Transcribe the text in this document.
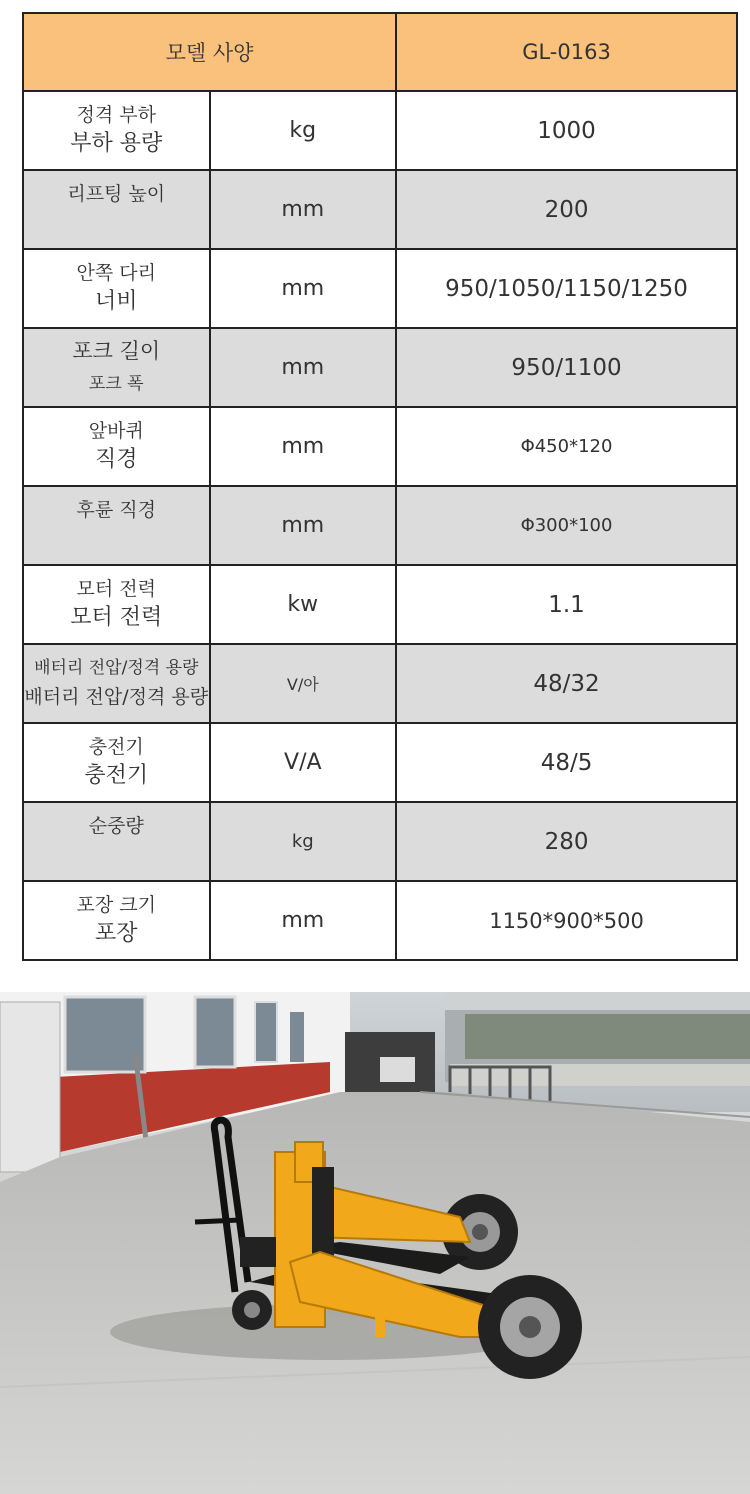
모델 사양		GL-0163

정격 부하
부하 용량	kg	1000

리프팅 높이	mm	200

안쪽 다리
너비	mm	950/1050/1150/1250

포크 길이
포크 폭	mm	950/1100

앞바퀴
직경	mm	Φ450*120

후륜 직경	mm	Φ300*100

모터 전력
모터 전력	kw	1.1

배터리 전압/정격 용량
배터리 전압/정격 용량	V/아	48/32

충전기
충전기	V/A	48/5

순중량	kg	280

포장 크기
포장	mm	1150*900*500
